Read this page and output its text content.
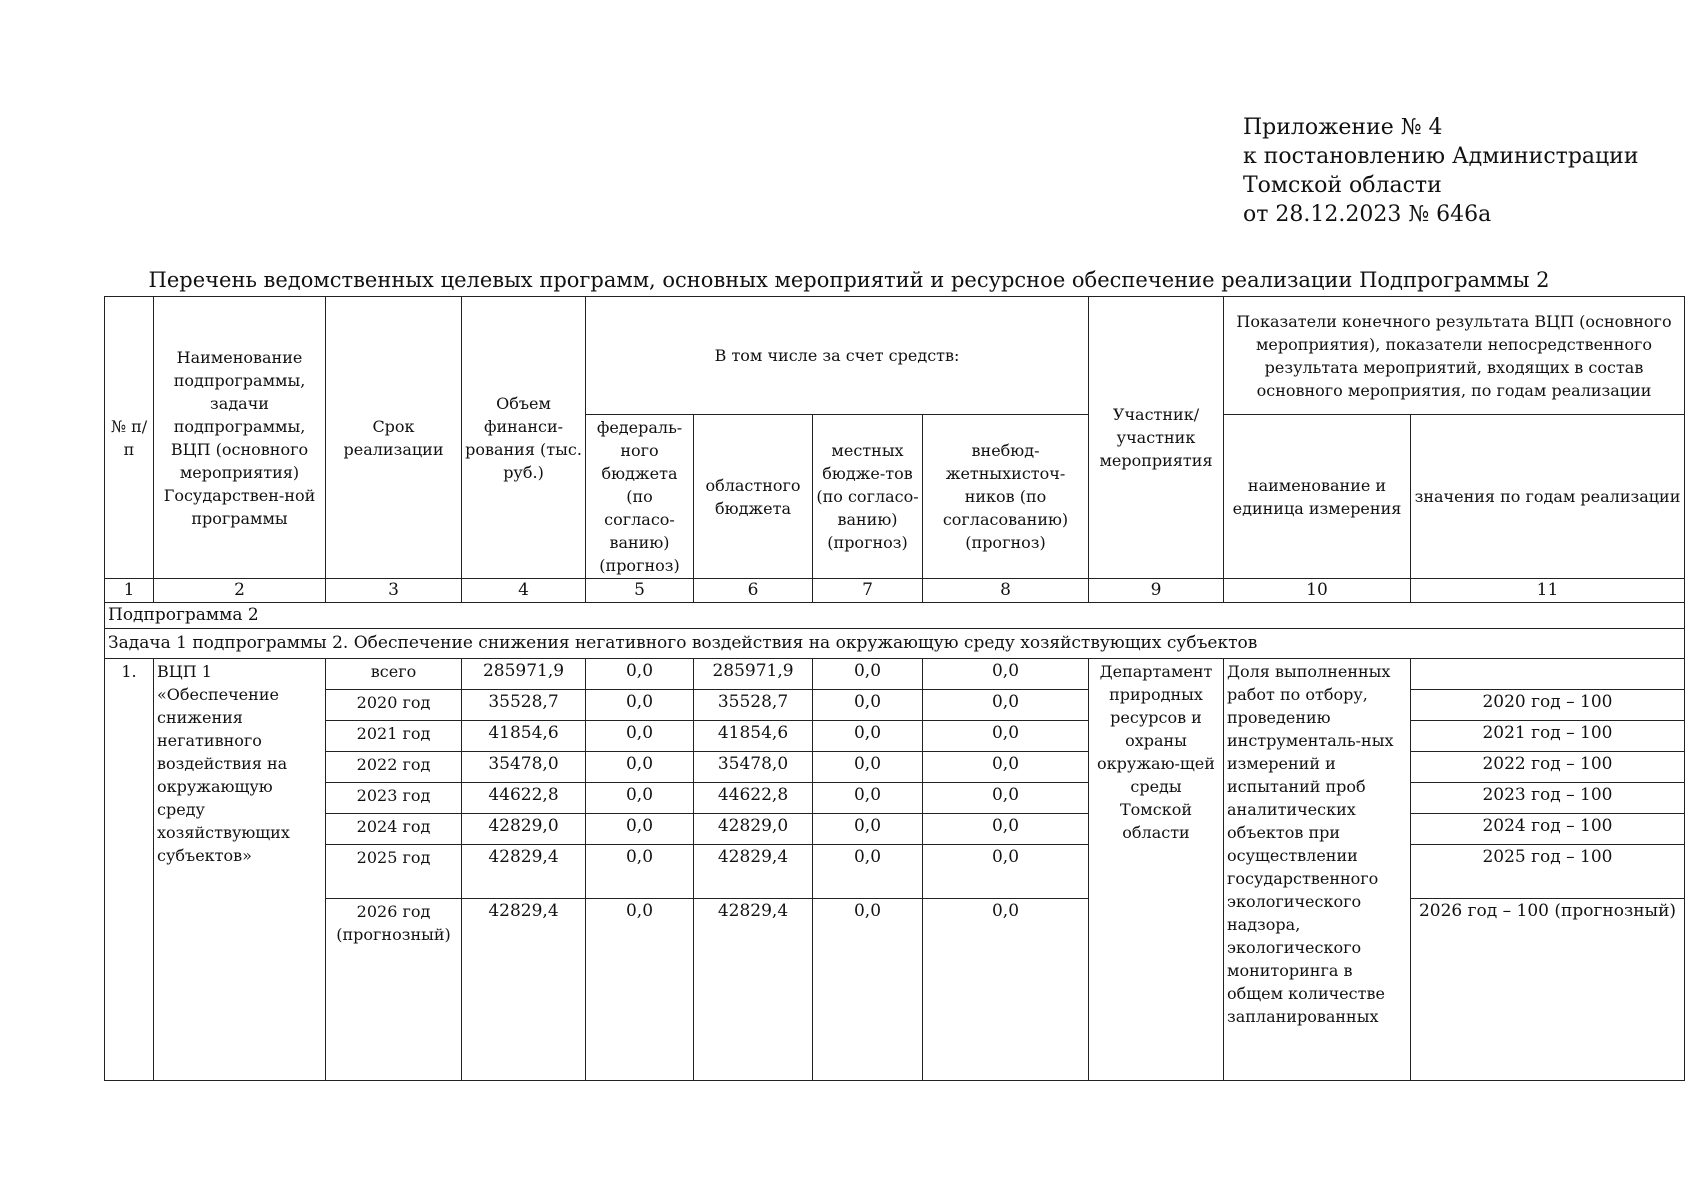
Приложение № 4
к постановлению Администрации
Томской области
от 28.12.2023 № 646а
Перечень ведомственных целевых программ, основных мероприятий и ресурсное обеспечение реализации Подпрограммы 2
№ п/п	Наименование подпрограммы, задачи подпрограммы, ВЦП (основного мероприятия) Государствен-ной программы	Срок реализации	Объем финанси-рования (тыс. руб.)	В том числе за счет средств:				Участник/ участник мероприятия	Показатели конечного результата ВЦП (основного мероприятия), показатели непосредственного результата мероприятий, входящих в состав основного мероприятия, по годам реализации	
				федераль-ного бюджета (по согласо-ванию) (прогноз)	областного бюджета	местных бюдже-тов (по согласо-ванию) (прогноз)	внебюд-жетныхисточ-ников (по согласованию) (прогноз)		наименование и единица измерения	значения по годам реализации
1	2	3	4	5	6	7	8	9	10	11
Подпрограмма 2										
Задача 1 подпрограммы 2. Обеспечение снижения негативного воздействия на окружающую среду хозяйствующих субъектов										
1.	ВЦП 1 «Обеспечение снижения негативного воздействия на окружающую среду хозяйствующих субъектов»	всего	285971,9	0,0	285971,9	0,0	0,0	Департамент природных ресурсов и охраны окружаю-щей среды Томской области	Доля выполненных работ по отбору, проведению инструменталь-ных измерений и испытаний проб аналитических объектов при осуществлении государственного экологического надзора, экологического мониторинга в общем количестве запланированных	
		2020 год	35528,7	0,0	35528,7	0,0	0,0			2020 год – 100
		2021 год	41854,6	0,0	41854,6	0,0	0,0			2021 год – 100
		2022 год	35478,0	0,0	35478,0	0,0	0,0			2022 год – 100
		2023 год	44622,8	0,0	44622,8	0,0	0,0			2023 год – 100
		2024 год	42829,0	0,0	42829,0	0,0	0,0			2024 год – 100
		2025 год	42829,4	0,0	42829,4	0,0	0,0			2025 год – 100
		2026 год (прогнозный)	42829,4	0,0	42829,4	0,0	0,0			2026 год – 100 (прогнозный)
